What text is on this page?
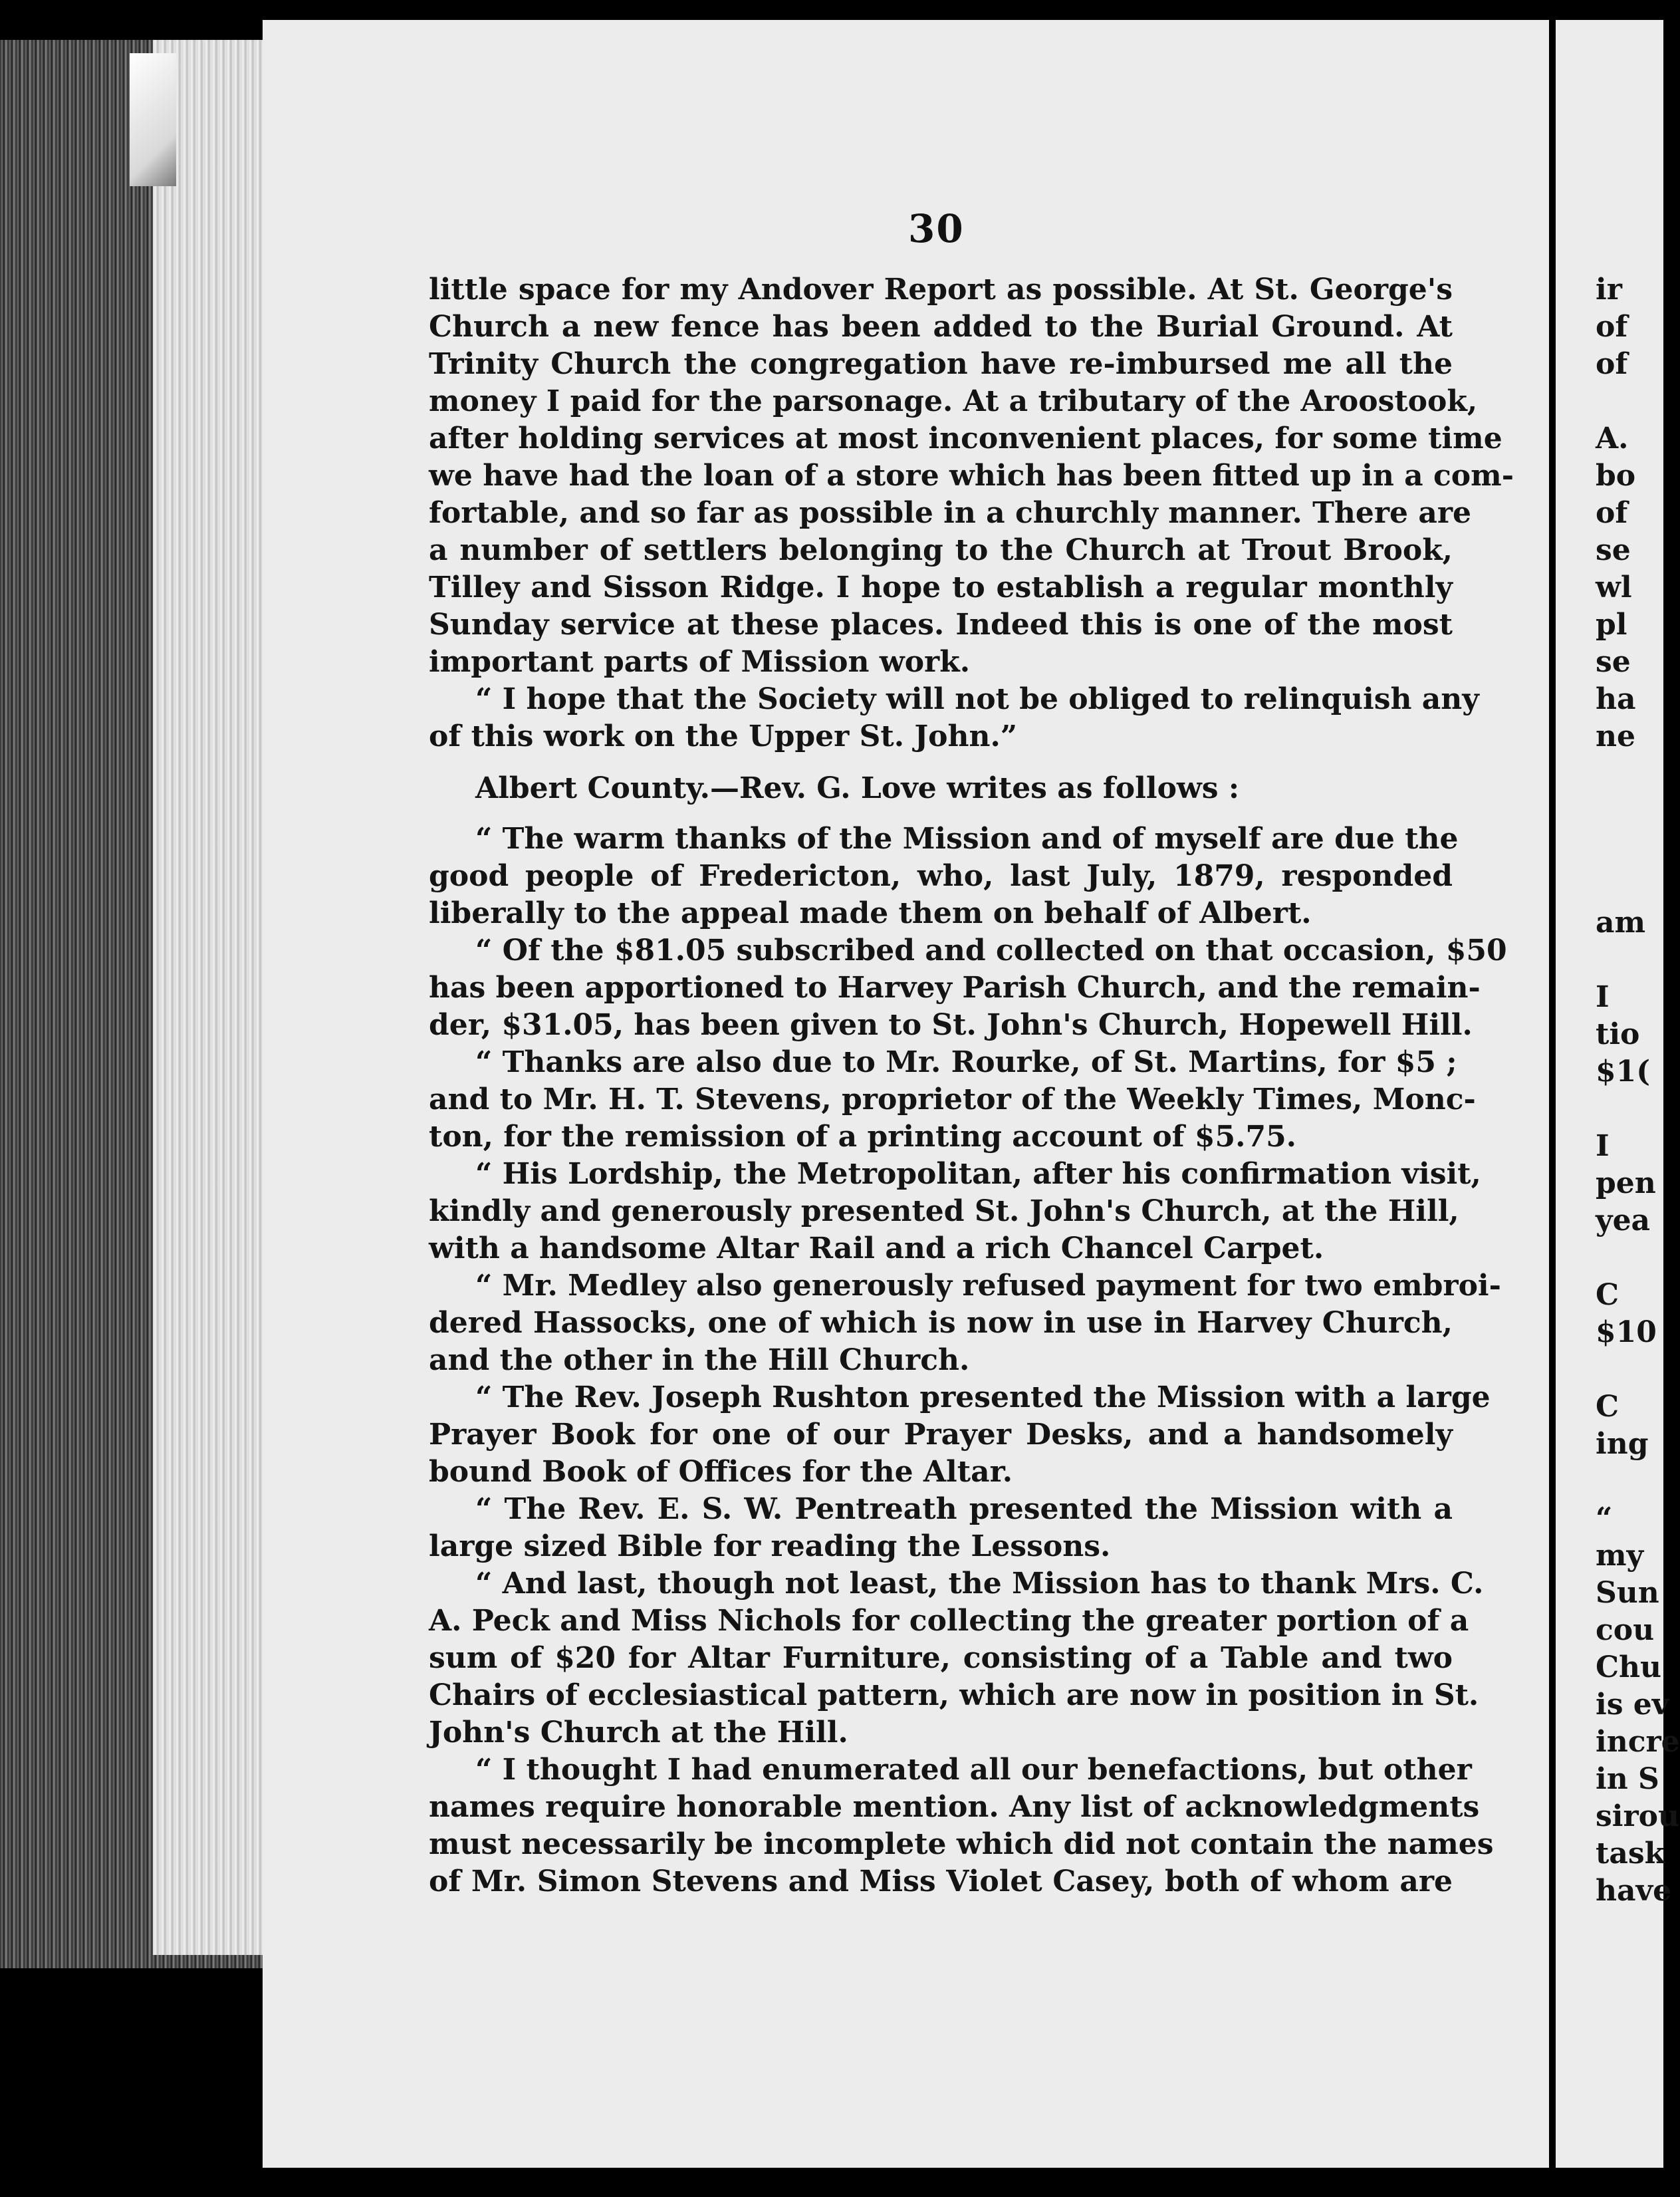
30
little space for my Andover Report as possible. At St. George's
Church a new fence has been added to the Burial Ground. At
Trinity Church the congregation have re-imbursed me all the
money I paid for the parsonage. At a tributary of the Aroostook,
after holding services at most inconvenient places, for some time
we have had the loan of a store which has been fitted up in a com-
fortable, and so far as possible in a churchly manner. There are
a number of settlers belonging to the Church at Trout Brook,
Tilley and Sisson Ridge. I hope to establish a regular monthly
Sunday service at these places. Indeed this is one of the most
important parts of Mission work.
“ I hope that the Society will not be obliged to relinquish any
of this work on the Upper St. John.”
Albert County.—Rev. G. Love writes as follows :
“ The warm thanks of the Mission and of myself are due the
good people of Fredericton, who, last July, 1879, responded
liberally to the appeal made them on behalf of Albert.
“ Of the $81.05 subscribed and collected on that occasion, $50
has been apportioned to Harvey Parish Church, and the remain-
der, $31.05, has been given to St. John's Church, Hopewell Hill.
“ Thanks are also due to Mr. Rourke, of St. Martins, for $5 ;
and to Mr. H. T. Stevens, proprietor of the Weekly Times, Monc-
ton, for the remission of a printing account of $5.75.
“ His Lordship, the Metropolitan, after his confirmation visit,
kindly and generously presented St. John's Church, at the Hill,
with a handsome Altar Rail and a rich Chancel Carpet.
“ Mr. Medley also generously refused payment for two embroi-
dered Hassocks, one of which is now in use in Harvey Church,
and the other in the Hill Church.
“ The Rev. Joseph Rushton presented the Mission with a large
Prayer Book for one of our Prayer Desks, and a handsomely
bound Book of Offices for the Altar.
“ The Rev. E. S. W. Pentreath presented the Mission with a
large sized Bible for reading the Lessons.
“ And last, though not least, the Mission has to thank Mrs. C.
A. Peck and Miss Nichols for collecting the greater portion of a
sum of $20 for Altar Furniture, consisting of a Table and two
Chairs of ecclesiastical pattern, which are now in position in St.
John's Church at the Hill.
“ I thought I had enumerated all our benefactions, but other
names require honorable mention. Any list of acknowledgments
must necessarily be incomplete which did not contain the names
of Mr. Simon Stevens and Miss Violet Casey, both of whom are
ir
of
of
A.
bo
of
se
wl
pl
se
ha
ne
am
I
tio
$1(
I
pen
yea
C
$10
C
ing
“
my
Sun
cou
Chu
is ev
incre
in S
sirou
task
have
